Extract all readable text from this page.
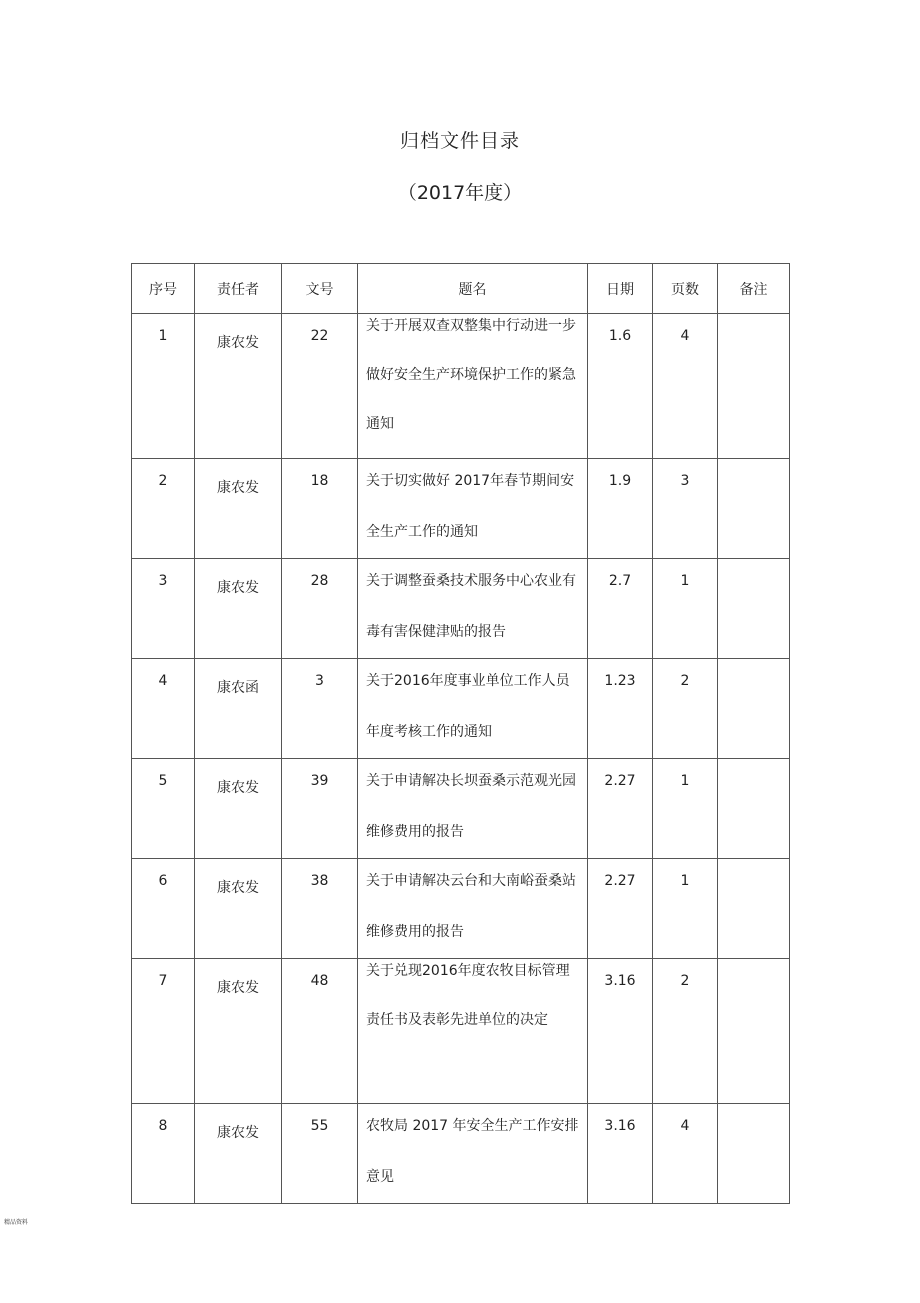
归档文件目录
（2017年度）
序号	责任者	文号	题名	日期	页数	备注
1	康农发	22	关于开展双查双整集中行动进一步做好安全生产环境保护工作的紧急通知	1.6	4	
2	康农发	18	关于切实做好 2017年春节期间安全生产工作的通知	1.9	3	
3	康农发	28	关于调整蚕桑技术服务中心农业有毒有害保健津贴的报告	2.7	1	
4	康农函	3	关于2016年度事业单位工作人员年度考核工作的通知	1.23	2	
5	康农发	39	关于申请解决长坝蚕桑示范观光园维修费用的报告	2.27	1	
6	康农发	38	关于申请解决云台和大南峪蚕桑站维修费用的报告	2.27	1	
7	康农发	48	关于兑现2016年度农牧目标管理责任书及表彰先进单位的决定	3.16	2	
8	康农发	55	农牧局 2017 年安全生产工作安排意见	3.16	4	
精品资料
